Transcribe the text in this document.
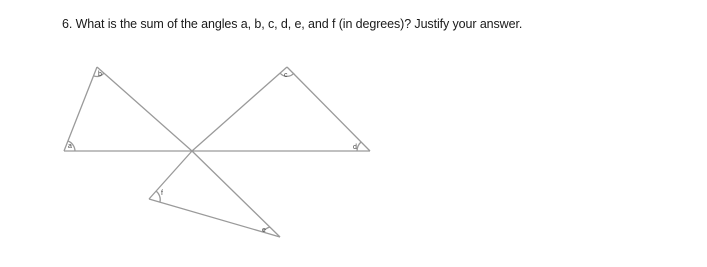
6. What is the sum of the angles a, b, c, d, e, and f (in degrees)? Justify your answer.
a
b	c
d
e
f
